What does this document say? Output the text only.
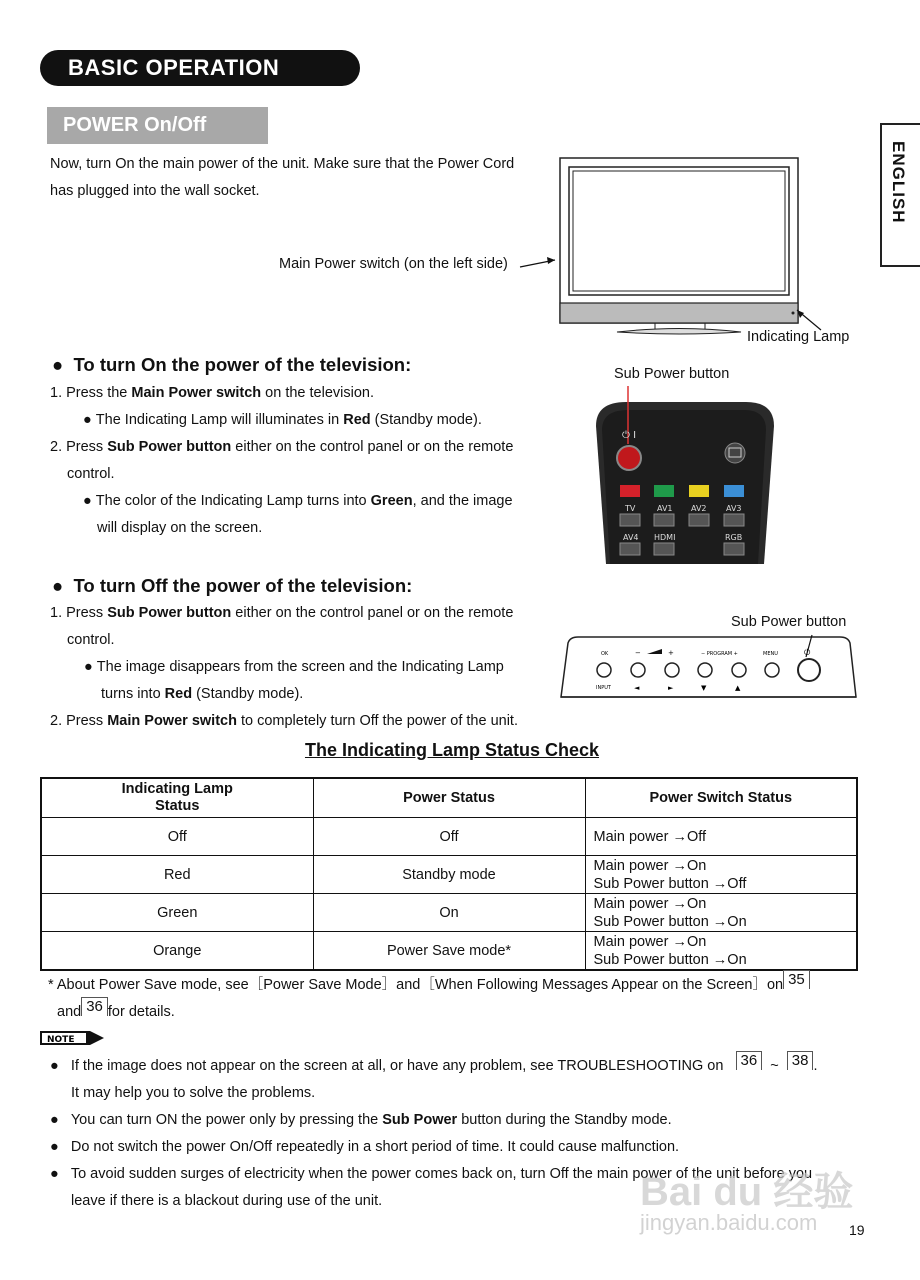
BASIC OPERATION
POWER On/Off
ENGLISH
Now, turn On the main power of the unit. Make sure that the Power Cord
has plugged into the wall socket.
Main Power switch (on the left side)
Indicating Lamp
●  To turn On the power of the television:
1. Press the Main Power switch on the television.
● The Indicating Lamp will illuminates in Red (Standby mode).
2. Press Sub Power button either on the control panel or on the remote
control.
● The color of the Indicating Lamp turns into Green, and the image
will display on the screen.
Sub Power button
⏻ I
TV	AV1 AV2 AV3
AV4 HDMI	RGB
●  To turn Off the power of the television:
1. Press Sub Power button either on the control panel or on the remote
control.
● The image disappears from the screen and the Indicating Lamp
turns into Red (Standby mode).
2. Press Main Power switch to completely turn Off the power of the unit.
Sub Power button
OK	−	+	− PROGRAM +	MENU	⏻
INPUT	◄	►	▼	▲
The Indicating Lamp Status Check
Indicating Lamp
Status	Power Status	Power Switch Status
Off	Off	Main power →Off

Red	Standby mode	Main power →On
Sub Power button →Off

Green	On	Main power →On
Sub Power button →On

Orange	Power Save mode*	Main power →On
Sub Power button →On
* About Power Save mode, see［Power Save Mode］and［When Following Messages Appear on the Screen］on 35
and 36 for details.
NOTE
●   If the image does not appear on the screen at all, or have any problem, see TROUBLESHOOTING on 36 ~ 38 .
It may help you to solve the problems.
●   You can turn ON the power only by pressing the Sub Power button during the Standby mode.
●   Do not switch the power On/Off repeatedly in a short period of time. It could cause malfunction.
●   To avoid sudden surges of electricity when the power comes back on, turn Off the main power of the unit before you
leave if there is a blackout during use of the unit.	Bai du 经验
jingyan.baidu.com 19
